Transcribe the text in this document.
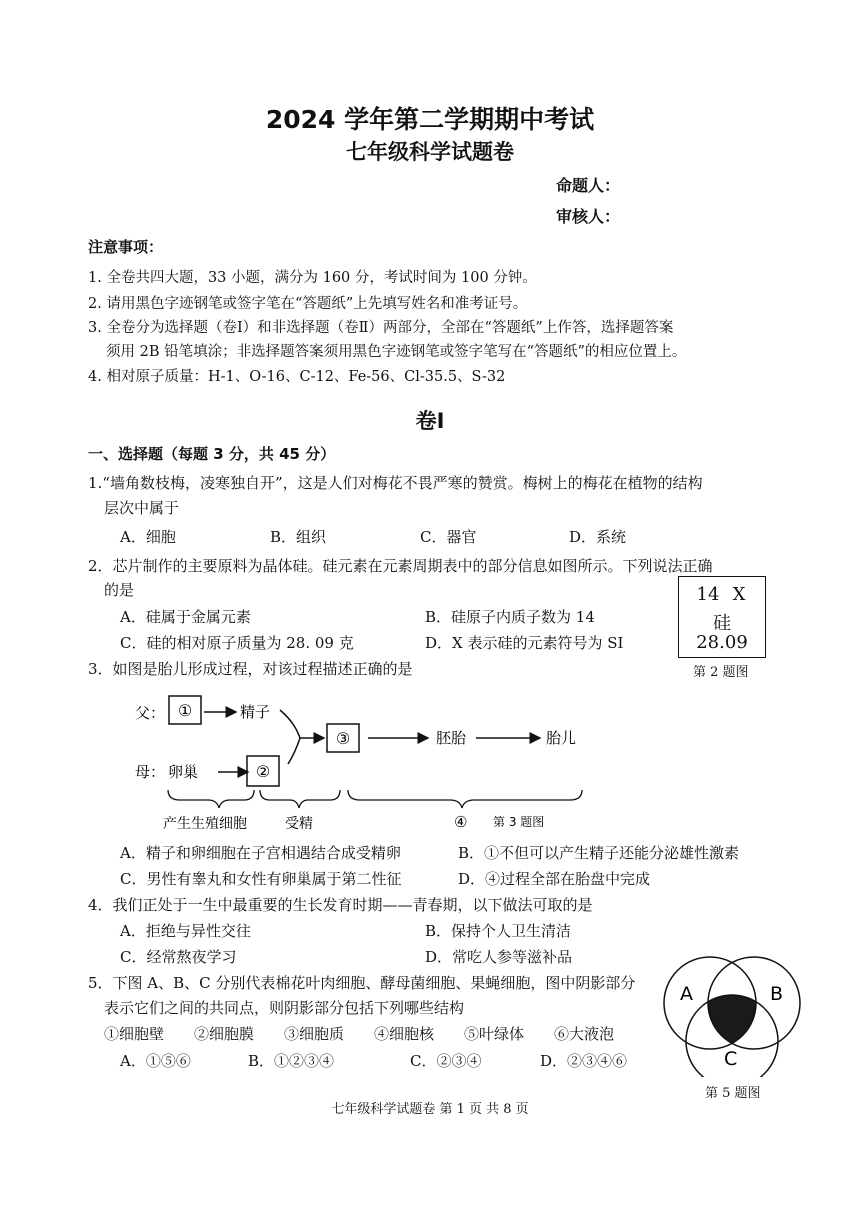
2024 学年第二学期期中考试
七年级科学试题卷
命题人：
审核人：
注意事项：
1. 全卷共四大题，33 小题，满分为 160 分，考试时间为 100 分钟。
2. 请用黑色字迹钢笔或签字笔在“答题纸”上先填写姓名和准考证号。
3. 全卷分为选择题（卷Ⅰ）和非选择题（卷Ⅱ）两部分，全部在“答题纸”上作答，选择题答案
须用 2B 铅笔填涂；非选择题答案须用黑色字迹钢笔或签字笔写在“答题纸”的相应位置上。
4. 相对原子质量：H-1、O-16、C-12、Fe-56、Cl-35.5、S-32
卷Ⅰ
一、选择题（每题 3 分，共 45 分）
1.“墙角数枝梅，凌寒独自开”，这是人们对梅花不畏严寒的赞赏。梅树上的梅花在植物的结构
层次中属于
A．细胞	B．组织	C．器官	D．系统
2．芯片制作的主要原料为晶体硅。硅元素在元素周期表中的部分信息如图所示。下列说法正确
的是
A．硅属于金属元素	B．硅原子内质子数为 14
C．硅的相对原子质量为 28. 09 克	D．X 表示硅的元素符号为 SI
14 X
硅
28.09
第 2 题图
3．如图是胎儿形成过程，对该过程描述正确的是
父： ①	精子
母： 卵巢	②
③	胚胎	胎儿
产生生殖细胞	受精	④ 第 3 题图
A．精子和卵细胞在子宫相遇结合成受精卵	B．①不但可以产生精子还能分泌雄性激素
C．男性有睾丸和女性有卵巢属于第二性征	D．④过程全部在胎盘中完成
4．我们正处于一生中最重要的生长发育时期——青春期，以下做法可取的是
A．拒绝与异性交往	B．保持个人卫生清洁
C．经常熬夜学习	D．常吃人参等滋补品
5．下图 A、B、C 分别代表棉花叶肉细胞、酵母菌细胞、果蝇细胞，图中阴影部分
表示它们之间的共同点，则阴影部分包括下列哪些结构
①细胞壁　　②细胞膜　　③细胞质　　④细胞核　　⑤叶绿体　　⑥大液泡
A．①⑤⑥	B．①②③④	C．②③④	D．②③④⑥
A	B
C
第 5 题图
七年级科学试题卷 第 1 页 共 8 页
